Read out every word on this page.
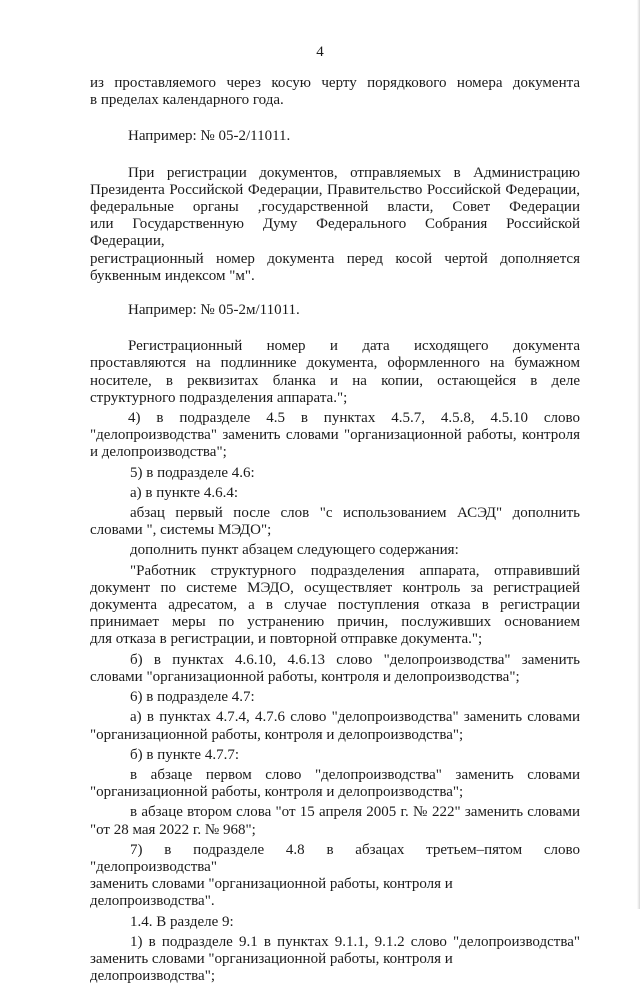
4

из проставляемого через косую черту порядкового номера документа

в пределах календарного года.

Например: № 05-2/11011.

При регистрации документов, отправляемых в Администрацию

Президента Российской Федерации, Правительство Российской Федерации,

федеральные органы ,государственной власти, Совет Федерации

или Государственную Думу Федерального Собрания Российской Федерации,

регистрационный номер документа перед косой чертой дополняется

буквенным индексом "м".

Например: № 05-2м/11011.

Регистрационный номер и дата исходящего документа

проставляются на подлиннике документа, оформленного на бумажном

носителе, в реквизитах бланка и на копии, остающейся в деле

структурного подразделения аппарата.";

4) в подразделе 4.5 в пунктах 4.5.7, 4.5.8, 4.5.10 слово

"делопроизводства" заменить словами "организационной работы, контроля

и делопроизводства";

5) в подразделе 4.6:

а) в пункте 4.6.4:

абзац первый после слов "с использованием АСЭД" дополнить

словами ", системы МЭДО";

дополнить пункт абзацем следующего содержания:

"Работник структурного подразделения аппарата, отправивший

документ по системе МЭДО, осуществляет контроль за регистрацией

документа адресатом, а в случае поступления отказа в регистрации

принимает меры по устранению причин, послуживших основанием

для отказа в регистрации, и повторной отправке документа.";

б) в пунктах 4.6.10, 4.6.13 слово "делопроизводства" заменить

словами "организационной работы, контроля и делопроизводства";

6) в подразделе 4.7:

а) в пунктах 4.7.4, 4.7.6 слово "делопроизводства" заменить словами

"организационной работы, контроля и делопроизводства";

б) в пункте 4.7.7:

в абзаце первом слово "делопроизводства" заменить словами

"организационной работы, контроля и делопроизводства";

в абзаце втором слова "от 15 апреля 2005 г. № 222" заменить словами

"от 28 мая 2022 г. № 968";

7) в подразделе 4.8 в абзацах третьем–пятом слово "делопроизводства"

заменить словами "организационной работы, контроля и делопроизводства".

1.4. В разделе 9:

1) в подразделе 9.1 в пунктах 9.1.1, 9.1.2 слово "делопроизводства"

заменить словами "организационной работы, контроля и делопроизводства";
